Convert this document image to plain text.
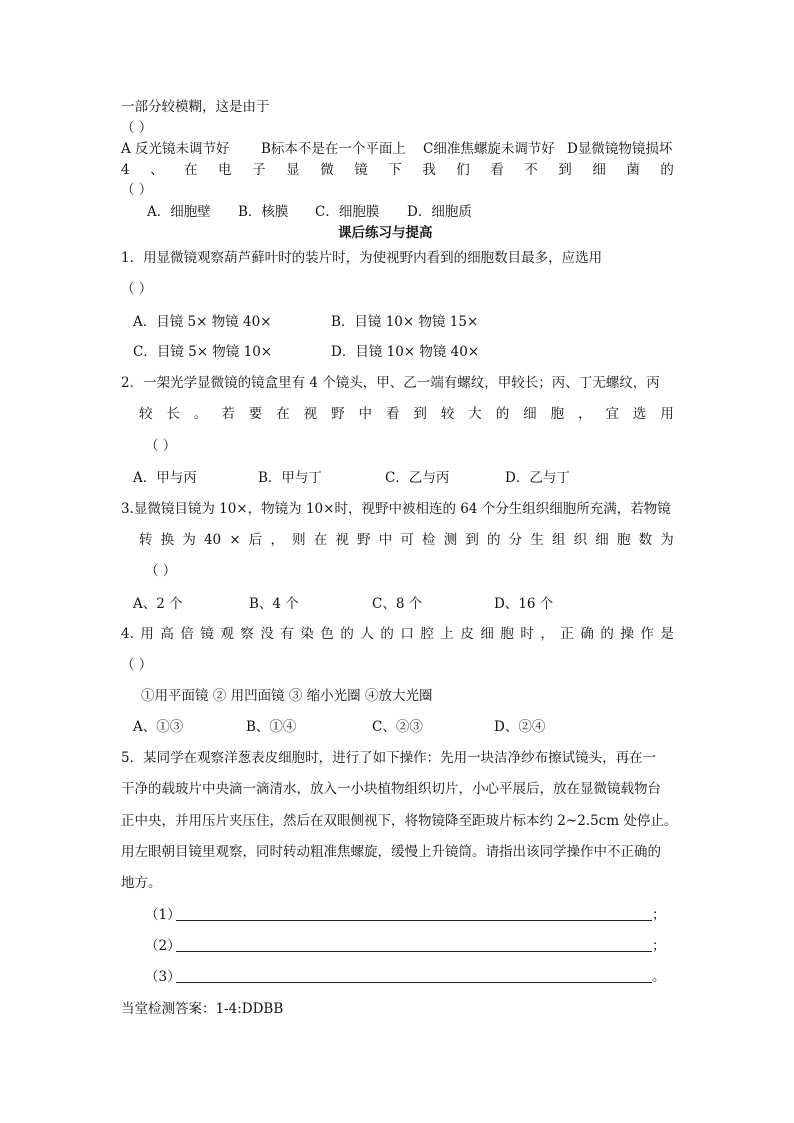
一部分较模糊，这是由于
（ ）
A 反光镜未调节好 B标本不是在一个平面上 C细准焦螺旋未调节好 D显微镜物镜损坏
4 、 在 电 子 显 微 镜 下 我 们 看 不 到 细 菌 的
（ ）
A．细胞壁 B．核膜 C．细胞膜 D．细胞质
课后练习与提高
1．用显微镜观察葫芦藓叶时的装片时，为使视野内看到的细胞数目最多，应选用
（ ）
A．目镜 5× 物镜 40×	B．目镜 10× 物镜 15×
C．目镜 5× 物镜 10×	D．目镜 10× 物镜 40×
2．一架光学显微镜的镜盒里有 4 个镜头，甲、乙一端有螺纹，甲较长；丙、丁无螺纹，丙
较 长 。 若 要 在 视 野 中 看 到 较 大 的 细 胞 ， 宜 选 用
（ ）
A．甲与丙	B．甲与丁	C．乙与丙	D．乙与丁
3.显微镜目镜为 10×，物镜为 10×时，视野中被相连的 64 个分生组织细胞所充满，若物镜
转 换 为 40 × 后 ， 则 在 视 野 中 可 检 测 到 的 分 生 组 织 细 胞 数 为
（ ）
A、2 个	B、4 个	C、8 个	D、16 个
4. 用 高 倍 镜 观 察 没 有 染 色 的 人 的 口 腔 上 皮 细 胞 时 ， 正 确 的 操 作 是
（ ）
①用平面镜 ② 用凹面镜 ③ 缩小光圈 ④放大光圈
A、①③	B、①④	C、②③	D、②④
5．某同学在观察洋葱表皮细胞时，进行了如下操作：先用一块洁净纱布擦试镜头，再在一
干净的载玻片中央滴一滴清水，放入一小块植物组织切片，小心平展后，放在显微镜载物台
正中央，并用压片夹压住，然后在双眼侧视下，将物镜降至距玻片标本约 2~2.5cm 处停止。
用左眼朝目镜里观察，同时转动粗准焦螺旋，缓慢上升镜筒。请指出该同学操作中不正确的
地方。
（1）	；
（2）	；
（3）	。
当堂检测答案：1-4:DDBB
